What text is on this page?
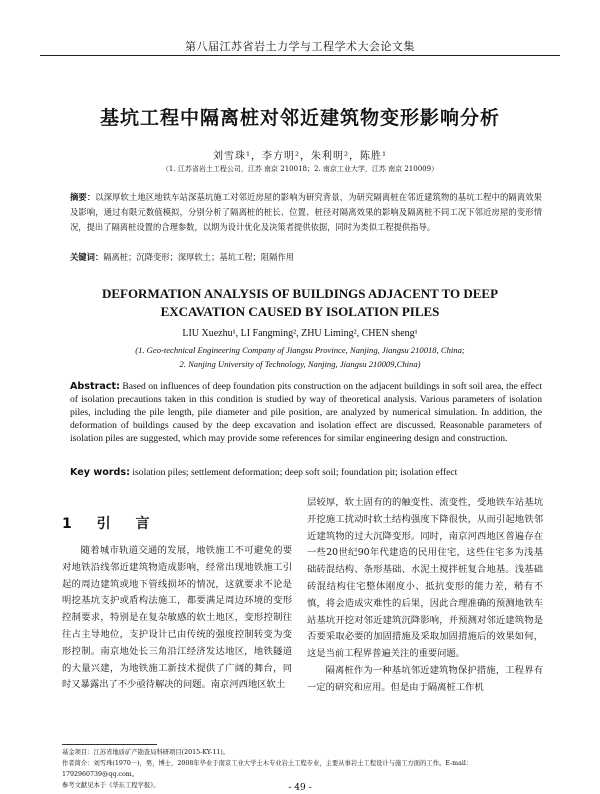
第八届江苏省岩土力学与工程学术大会论文集
基坑工程中隔离桩对邻近建筑物变形影响分析
刘雪珠¹，李方明²，朱利明²，陈胜¹
（1. 江苏省岩土工程公司，江苏 南京 210018；2. 南京工业大学，江苏 南京 210009）
摘要：以深厚软土地区地铁车站深基坑施工对邻近房屋的影响为研究背景，为研究隔离桩在邻近建筑物的基坑工程中的隔离效果及影响，通过有限元数值模拟，分别分析了隔离桩的桩长、位置、桩径对隔离效果的影响及隔离桩不同工况下邻近房屋的变形情况，提出了隔离桩设置的合理参数，以期为设计优化及决策者提供依据，同时为类似工程提供指导。
关键词：隔离桩；沉降变形；深厚软土；基坑工程；阻隔作用
DEFORMATION ANALYSIS OF BUILDINGS ADJACENT TO DEEP EXCAVATION CAUSED BY ISOLATION PILES
LIU Xuezhu¹, LI Fangming², ZHU Liming², CHEN sheng¹
(1. Geo-technical Engineering Company of Jiangsu Province, Nanjing, Jiangsu 210018, China;
2. Nanjing University of Technology, Nanjing, Jiangsu 210009,China)
Abstract: Based on influences of deep foundation pits construction on the adjacent buildings in soft soil area, the effect of isolation precautions taken in this condition is studied by way of theoretical analysis. Various parameters of isolation piles, including the pile length, pile diameter and pile position, are analyzed by numerical simulation. In addition, the deformation of buildings caused by the deep excavation and isolation effect are discussed. Reasonable parameters of isolation piles are suggested, which may provide some references for similar engineering design and construction.
Key words: isolation piles; settlement deformation; deep soft soil; foundation pit; isolation effect
1 引 言
随着城市轨道交通的发展，地铁施工不可避免的要对地铁沿线邻近建筑物造成影响，经常出现地铁施工引起的周边建筑或地下管线损坏的情况，这就要求不论是明挖基坑支护或盾构法施工，都要满足周边环境的变形控制要求，特别是在复杂敏感的软土地区，变形控制往往占主导地位，支护设计已由传统的强度控制转变为变形控制。南京地处长三角沿江经济发达地区，地铁隧道的大量兴建，为地铁施工新技术提供了广阔的舞台，同时又暴露出了不少亟待解决的问题。南京河西地区软土

层较厚，软土固有的的触变性、流变性，受地铁车站基坑开挖施工扰动时软土结构强度下降很快，从而引起地铁邻近建筑物的过大沉降变形。同时，南京河西地区普遍存在一些20世纪90年代建造的民用住宅，这些住宅多为浅基础砖混结构、条形基础、水泥土搅拌桩复合地基。浅基础砖混结构住宅整体刚度小、抵抗变形的能力差，稍有不慎，将会造成灾难性的后果，因此合理准确的预测地铁车站基坑开挖对邻近建筑沉降影响，并预测对邻近建筑物是否要采取必要的加固措施及采取加固措施后的效果如何，这是当前工程界普遍关注的重要问题。

隔离桩作为一种基坑邻近建筑物保护措施，工程界有一定的研究和应用。但是由于隔离桩工作机

基金项目：江苏省地质矿产勘查局科研项目(2015-KY-11)。

作者简介：刘雪珠(1970－)，男，博士，2008年毕业于南京工业大学土木专业岩土工程专业，主要从事岩土工程设计与施工方面的工作。E-mail：1792960739@qq.com。

参考文献见本于《华东工程学报》。	- 49 -
